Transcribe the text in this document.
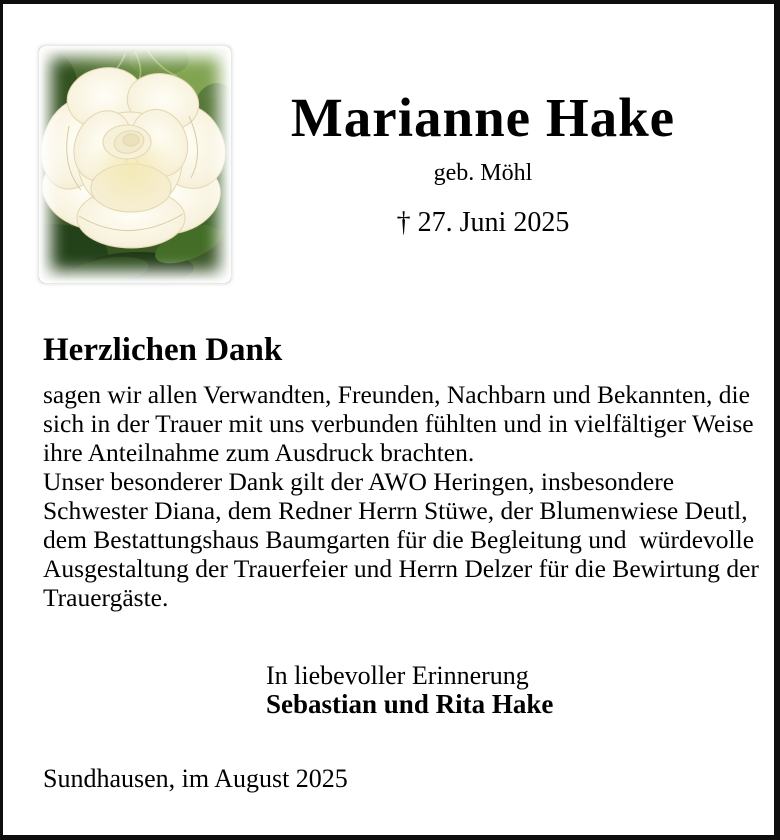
Marianne Hake
geb. Möhl
† 27. Juni 2025
Herzlichen Dank
sagen wir allen Verwandten, Freunden, Nachbarn und Bekannten, die
sich in der Trauer mit uns verbunden fühlten und in vielfältiger Weise
ihre Anteilnahme zum Ausdruck brachten.
Unser besonderer Dank gilt der AWO Heringen, insbesondere
Schwester Diana, dem Redner Herrn Stüwe, der Blumenwiese Deutl,
dem Bestattungshaus Baumgarten für die Begleitung und  würdevolle
Ausgestaltung der Trauerfeier und Herrn Delzer für die Bewirtung der
Trauergäste.
In liebevoller Erinnerung
Sebastian und Rita Hake
Sundhausen, im August 2025
